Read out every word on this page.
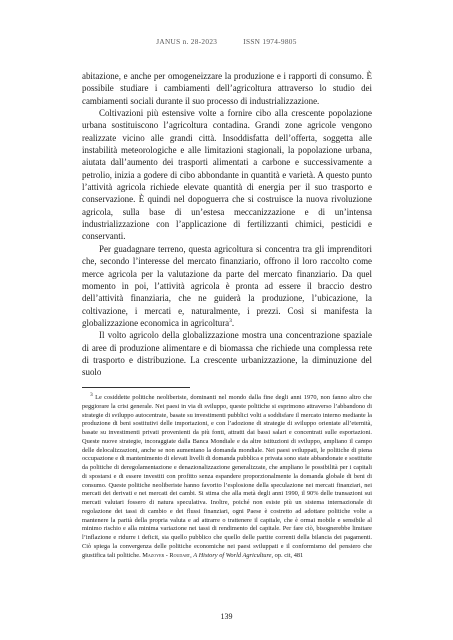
JANUS n. 28-2023	ISSN 1974-9805

abitazione, e anche per omogeneizzare la produzione e i rapporti di consumo. È possibile studiare i cambiamenti dell’agricoltura attraverso lo studio dei cambiamenti sociali durante il suo processo di industrializzazione.

Coltivazioni più estensive volte a fornire cibo alla crescente popolazione urbana sostituiscono l’agricoltura contadina. Grandi zone agricole vengono realizzate vicino alle grandi città. Insoddisfatta dell’offerta, soggetta alle instabilità meteorologiche e alle limitazioni stagionali, la popolazione urbana, aiutata dall’aumento dei trasporti alimentati a carbone e successivamente a petrolio, inizia a godere di cibo abbondante in quantità e varietà. A questo punto l’attività agricola richiede elevate quantità di energia per il suo trasporto e conservazione. È quindi nel dopoguerra che si costruisce la nuova rivoluzione agricola, sulla base di un’estesa meccanizzazione e di un’intensa industrializzazione con l’applicazione di fertilizzanti chimici, pesticidi e conservanti.

Per guadagnare terreno, questa agricoltura si concentra tra gli imprenditori che, secondo l’interesse del mercato finanziario, offrono il loro raccolto come merce agricola per la valutazione da parte del mercato finanziario. Da quel momento in poi, l’attività agricola è pronta ad essere il braccio destro dell’attività finanziaria, che ne guiderà la produzione, l’ubicazione, la coltivazione, i mercati e, naturalmente, i prezzi. Così si manifesta la globalizzazione economica in agricoltura$^3$.

Il volto agricolo della globalizzazione mostra una concentrazione spaziale di aree di produzione alimentare e di biomassa che richiede una complessa rete di trasporto e distribuzione. La crescente urbanizzazione, la diminuzione del suolo

$^3$ Le cosiddette politiche neoliberiste, dominanti nel mondo dalla fine degli anni 1970, non fanno altro che peggiorare la crisi generale. Nei paesi in via di sviluppo, queste politiche si esprimono attraverso l’abbandono di strategie di sviluppo autocentrate, basate su investimenti pubblici volti a soddisfare il mercato interno mediante la produzione di beni sostitutivi delle importazioni, e con l’adozione di strategie di sviluppo orientate all’eternità, basate su investimenti privati provenienti da più fonti, attratti dai bassi salari e concentrati sulle esportazioni. Queste nuove strategie, incoraggiate dalla Banca Mondiale e da altre istituzioni di sviluppo, ampliano il campo delle delocalizzazioni, anche se non aumentano la domanda mondiale. Nei paesi sviluppati, le politiche di piena occupazione e di mantenimento di elevati livelli di domanda pubblica e privata sono state abbandonate e sostituite da politiche di deregolamentazione e denazionalizzazione generalizzate, che ampliano le possibilità per i capitali di spostarsi e di essere investiti con profitto senza espandere proporzionalmente la domanda globale di beni di consumo. Queste politiche neoliberiste hanno favorito l’esplosione della speculazione nei mercati finanziari, nei mercati dei derivati e nei mercati dei cambi. Si stima che alla metà degli anni 1990, il 90% delle transazioni sui mercati valutari fossero di natura speculativa. Inoltre, poiché non esiste più un sistema internazionale di regolazione dei tassi di cambio e dei flussi finanziari, ogni Paese è costretto ad adottare politiche volte a mantenere la parità della propria valuta e ad attrarre o trattenere il capitale, che è ormai mobile e sensibile al minimo rischio e alla minima variazione nei tassi di rendimento del capitale. Per fare ciò, bisognerebbe limitare l’inflazione e ridurre i deficit, sia quello pubblico che quello delle partite correnti della bilancia dei pagamenti. Ciò spiega la convergenza delle politiche economiche nei paesi sviluppati e il conformismo del pensiero che giustifica tali politiche. Mazoyer - Roudart, A History of World Agriculture, op. cit, 481

139
